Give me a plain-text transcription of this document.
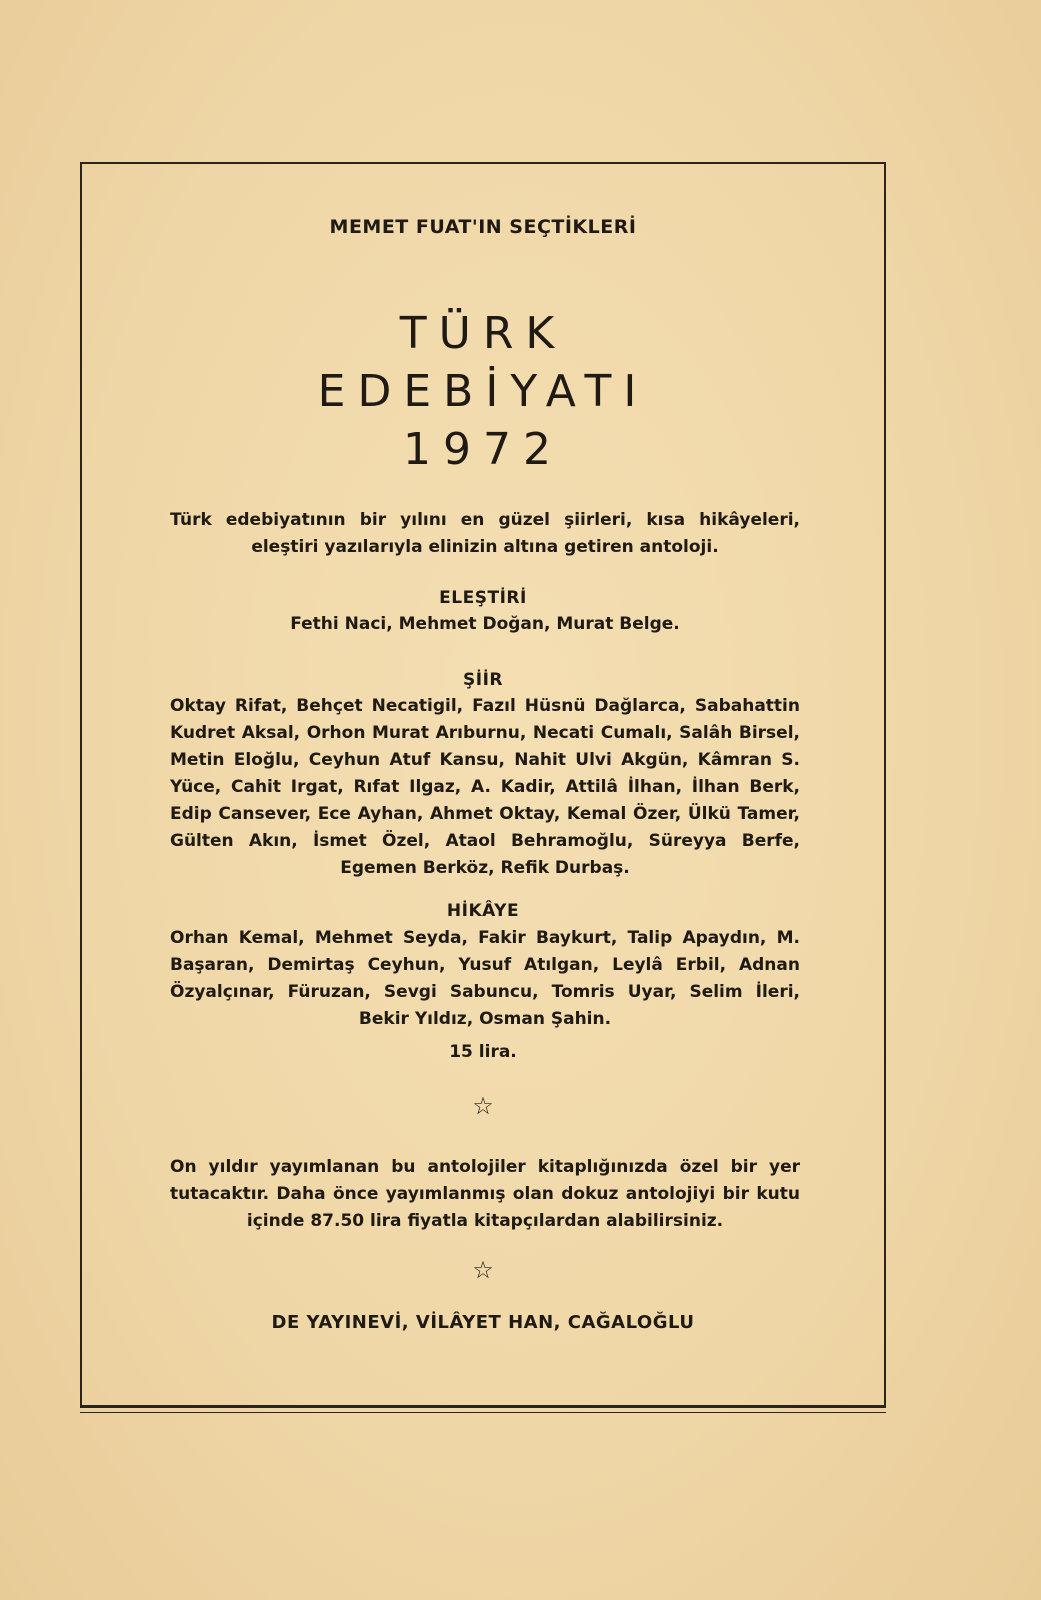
MEMET FUAT'IN SEÇTİKLERİ
TÜRK
EDEBİYATI
1972
Türk edebiyatının bir yılını en güzel şiirleri, kısa hikâyeleri, eleştiri yazılarıyla elinizin altına getiren antoloji.
ELEŞTİRİ
Fethi Naci, Mehmet Doğan, Murat Belge.
ŞİİR
Oktay Rifat, Behçet Necatigil, Fazıl Hüsnü Dağlarca, Sabahattin Kudret Aksal, Orhon Murat Arıburnu, Necati Cumalı, Salâh Birsel, Metin Eloğlu, Ceyhun Atuf Kansu, Nahit Ulvi Akgün, Kâmran S. Yüce, Cahit Irgat, Rıfat Ilgaz, A. Kadir, Attilâ İlhan, İlhan Berk, Edip Cansever, Ece Ayhan, Ahmet Oktay, Kemal Özer, Ülkü Tamer, Gülten Akın, İsmet Özel, Ataol Behramoğlu, Süreyya Berfe, Egemen Berköz, Refik Durbaş.
HİKÂYE
Orhan Kemal, Mehmet Seyda, Fakir Baykurt, Talip Apaydın, M. Başaran, Demirtaş Ceyhun, Yusuf Atılgan, Leylâ Erbil, Adnan Özyalçınar, Füruzan, Sevgi Sabuncu, Tomris Uyar, Selim İleri, Bekir Yıldız, Osman Şahin.
15 lira.
☆
On yıldır yayımlanan bu antolojiler kitaplığınızda özel bir yer tutacaktır. Daha önce yayımlanmış olan dokuz antolojiyi bir kutu içinde 87.50 lira fiyatla kitapçılardan alabilirsiniz.
☆
DE YAYINEVİ, VİLÂYET HAN, CAĞALOĞLU
